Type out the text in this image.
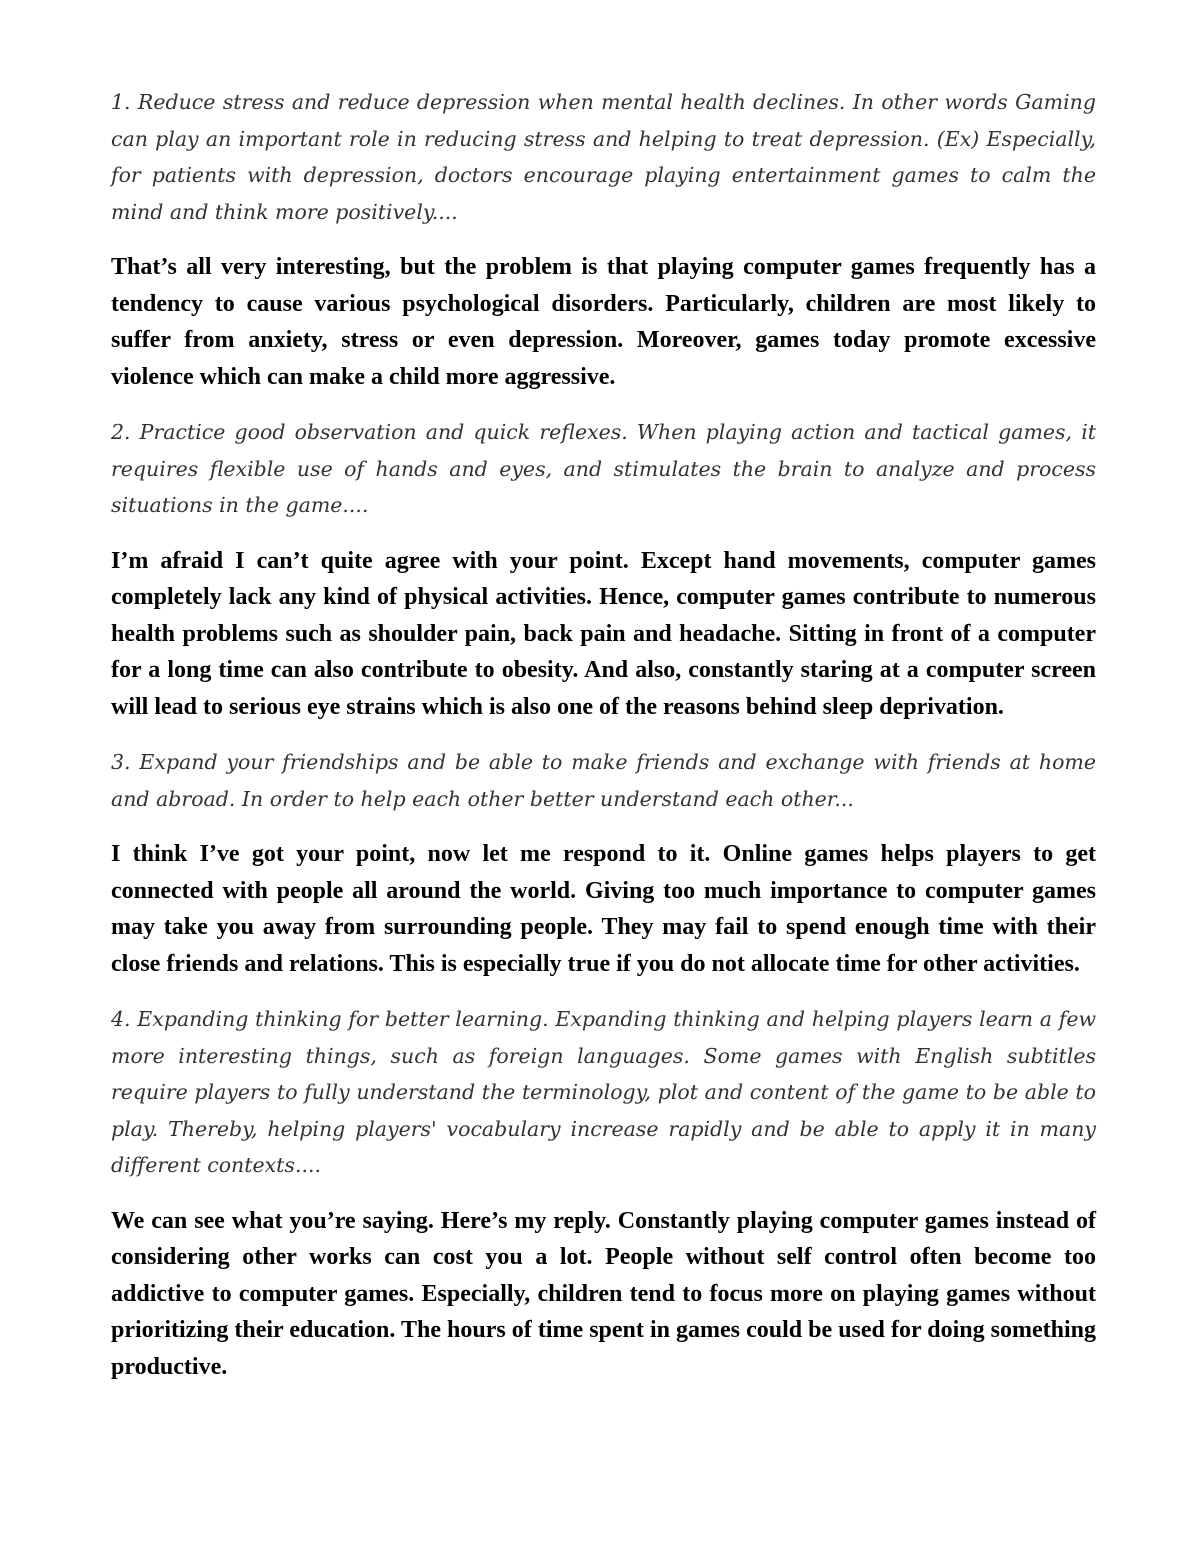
1. Reduce stress and reduce depression when mental health declines. In other words Gaming can play an important role in reducing stress and helping to treat depression. (Ex) Especially, for patients with depression, doctors encourage playing entertainment games to calm the mind and think more positively....

That’s all very interesting, but the problem is that playing computer games frequently has a tendency to cause various psychological disorders. Particularly, children are most likely to suffer from anxiety, stress or even depression. Moreover, games today promote excessive violence which can make a child more aggressive.

2. Practice good observation and quick reflexes. When playing action and tactical games, it requires flexible use of hands and eyes, and stimulates the brain to analyze and process situations in the game....

I’m afraid I can’t quite agree with your point. Except hand movements, computer games completely lack any kind of physical activities. Hence, computer games contribute to numerous health problems such as shoulder pain, back pain and headache. Sitting in front of a computer for a long time can also contribute to obesity. And also, constantly staring at a computer screen will lead to serious eye strains which is also one of the reasons behind sleep deprivation.

3. Expand your friendships and be able to make friends and exchange with friends at home and abroad. In order to help each other better understand each other...

I think I’ve got your point, now let me respond to it. Online games helps players to get connected with people all around the world. Giving too much importance to computer games may take you away from surrounding people. They may fail to spend enough time with their close friends and relations. This is especially true if you do not allocate time for other activities.

4. Expanding thinking for better learning. Expanding thinking and helping players learn a few more interesting things, such as foreign languages. Some games with English subtitles require players to fully understand the terminology, plot and content of the game to be able to play. Thereby, helping players' vocabulary increase rapidly and be able to apply it in many different contexts....

We can see what you’re saying. Here’s my reply. Constantly playing computer games instead of considering other works can cost you a lot. People without self control often become too addictive to computer games. Especially, children tend to focus more on playing games without prioritizing their education. The hours of time spent in games could be used for doing something productive.
